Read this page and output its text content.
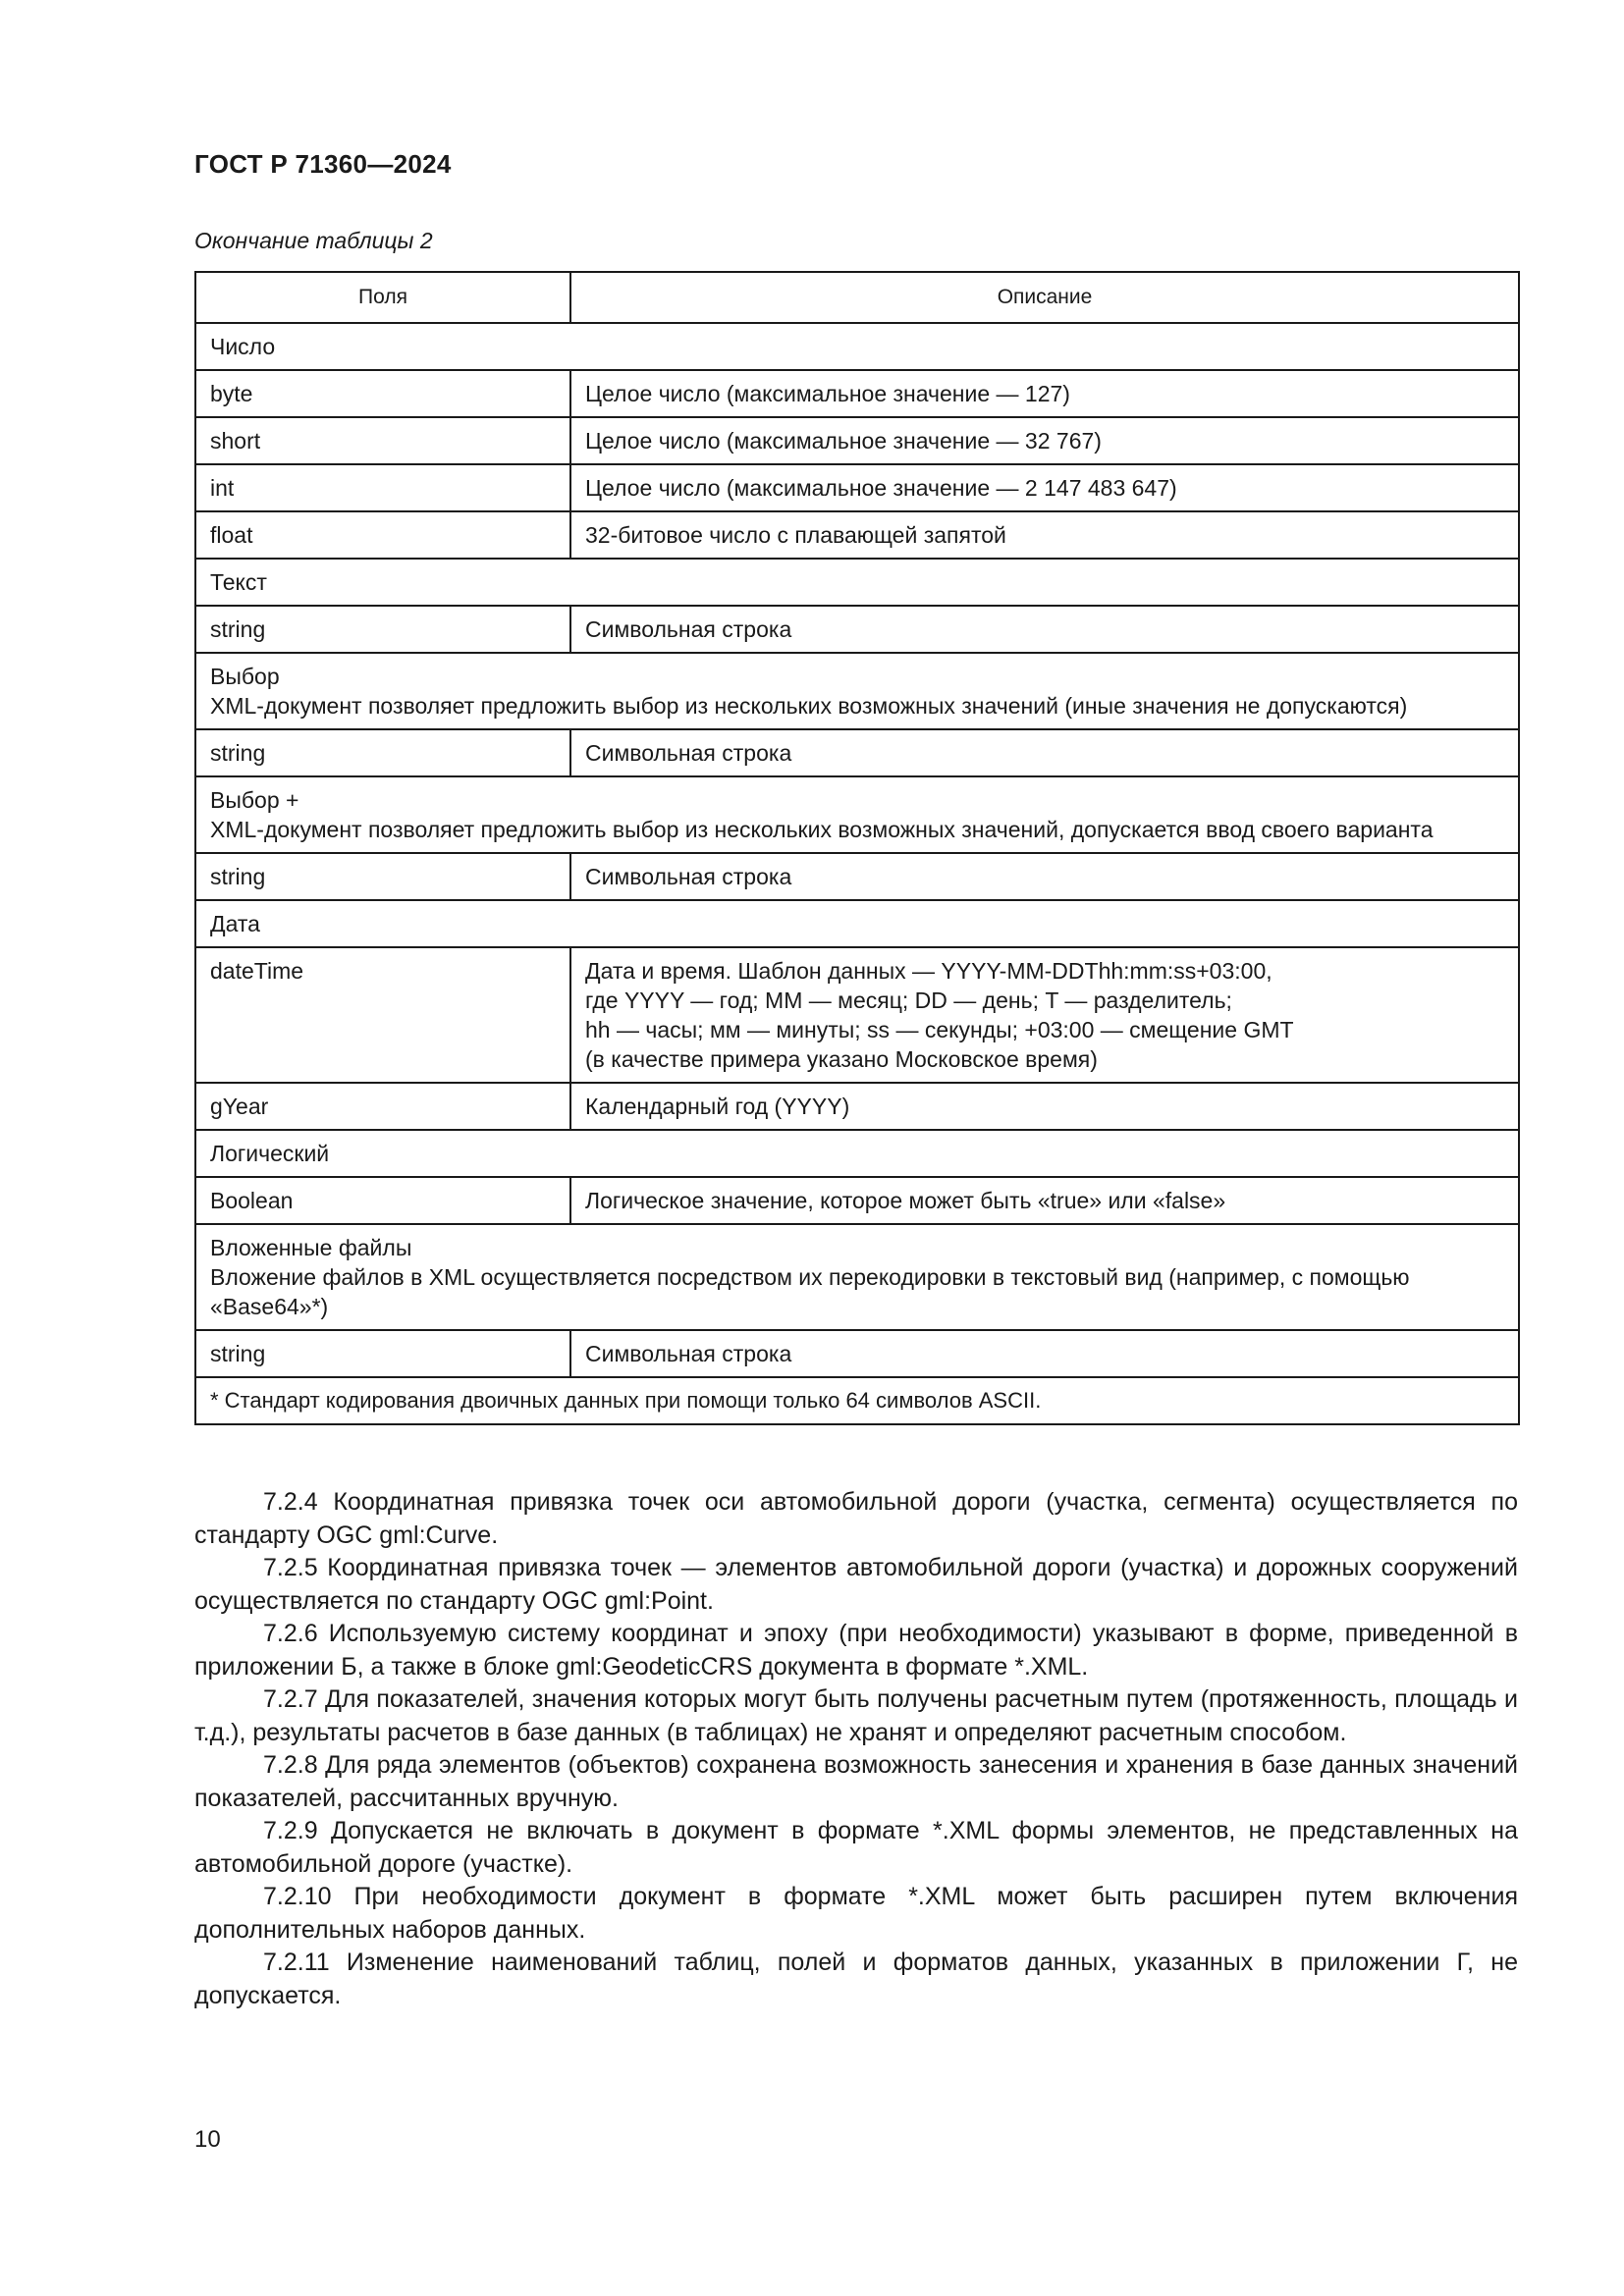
ГОСТ Р 71360—2024

Окончание таблицы 2

Поля	Описание

Число	

byte	Целое число (максимальное значение — 127)

short	Целое число (максимальное значение — 32 767)

int	Целое число (максимальное значение — 2 147 483 647)

float	32-битовое число с плавающей запятой

Текст	

string	Символьная строка

Выбор
XML-документ позволяет предложить выбор из нескольких возможных значений (иные значения не допускаются)	

string	Символьная строка

Выбор +
XML-документ позволяет предложить выбор из нескольких возможных значений, допускается ввод своего варианта	

string	Символьная строка

Дата	

dateTime	Дата и время. Шаблон данных — YYYY-MM-DDThh:mm:ss+03:00,
где YYYY — год; MM — месяц; DD — день; T — разделитель;
hh — часы; мм — минуты; ss — секунды; +03:00 — смещение GMT
(в качестве примера указано Московское время)

gYear	Календарный год (YYYY)

Логический	

Boolean	Логическое значение, которое может быть «true» или «false»

Вложенные файлы
Вложение файлов в XML осуществляется посредством их перекодировки в текстовый вид (например, с помощью «Base64»*)	

string	Символьная строка

* Стандарт кодирования двоичных данных при помощи только 64 символов ASCII.	

7.2.4 Координатная привязка точек оси автомобильной дороги (участка, сегмента) осуществляется по стандарту OGC gml:Curve.

7.2.5 Координатная привязка точек — элементов автомобильной дороги (участка) и дорожных сооружений осуществляется по стандарту OGC gml:Point.

7.2.6 Используемую систему координат и эпоху (при необходимости) указывают в форме, приведенной в приложении Б, а также в блоке gml:GeodeticCRS документа в формате *.XML.

7.2.7 Для показателей, значения которых могут быть получены расчетным путем (протяженность, площадь и т.д.), результаты расчетов в базе данных (в таблицах) не хранят и определяют расчетным способом.

7.2.8 Для ряда элементов (объектов) сохранена возможность занесения и хранения в базе данных значений показателей, рассчитанных вручную.

7.2.9 Допускается не включать в документ в формате *.XML формы элементов, не представленных на автомобильной дороге (участке).

7.2.10 При необходимости документ в формате *.XML может быть расширен путем включения дополнительных наборов данных.

7.2.11 Изменение наименований таблиц, полей и форматов данных, указанных в приложении Г, не допускается.

10
